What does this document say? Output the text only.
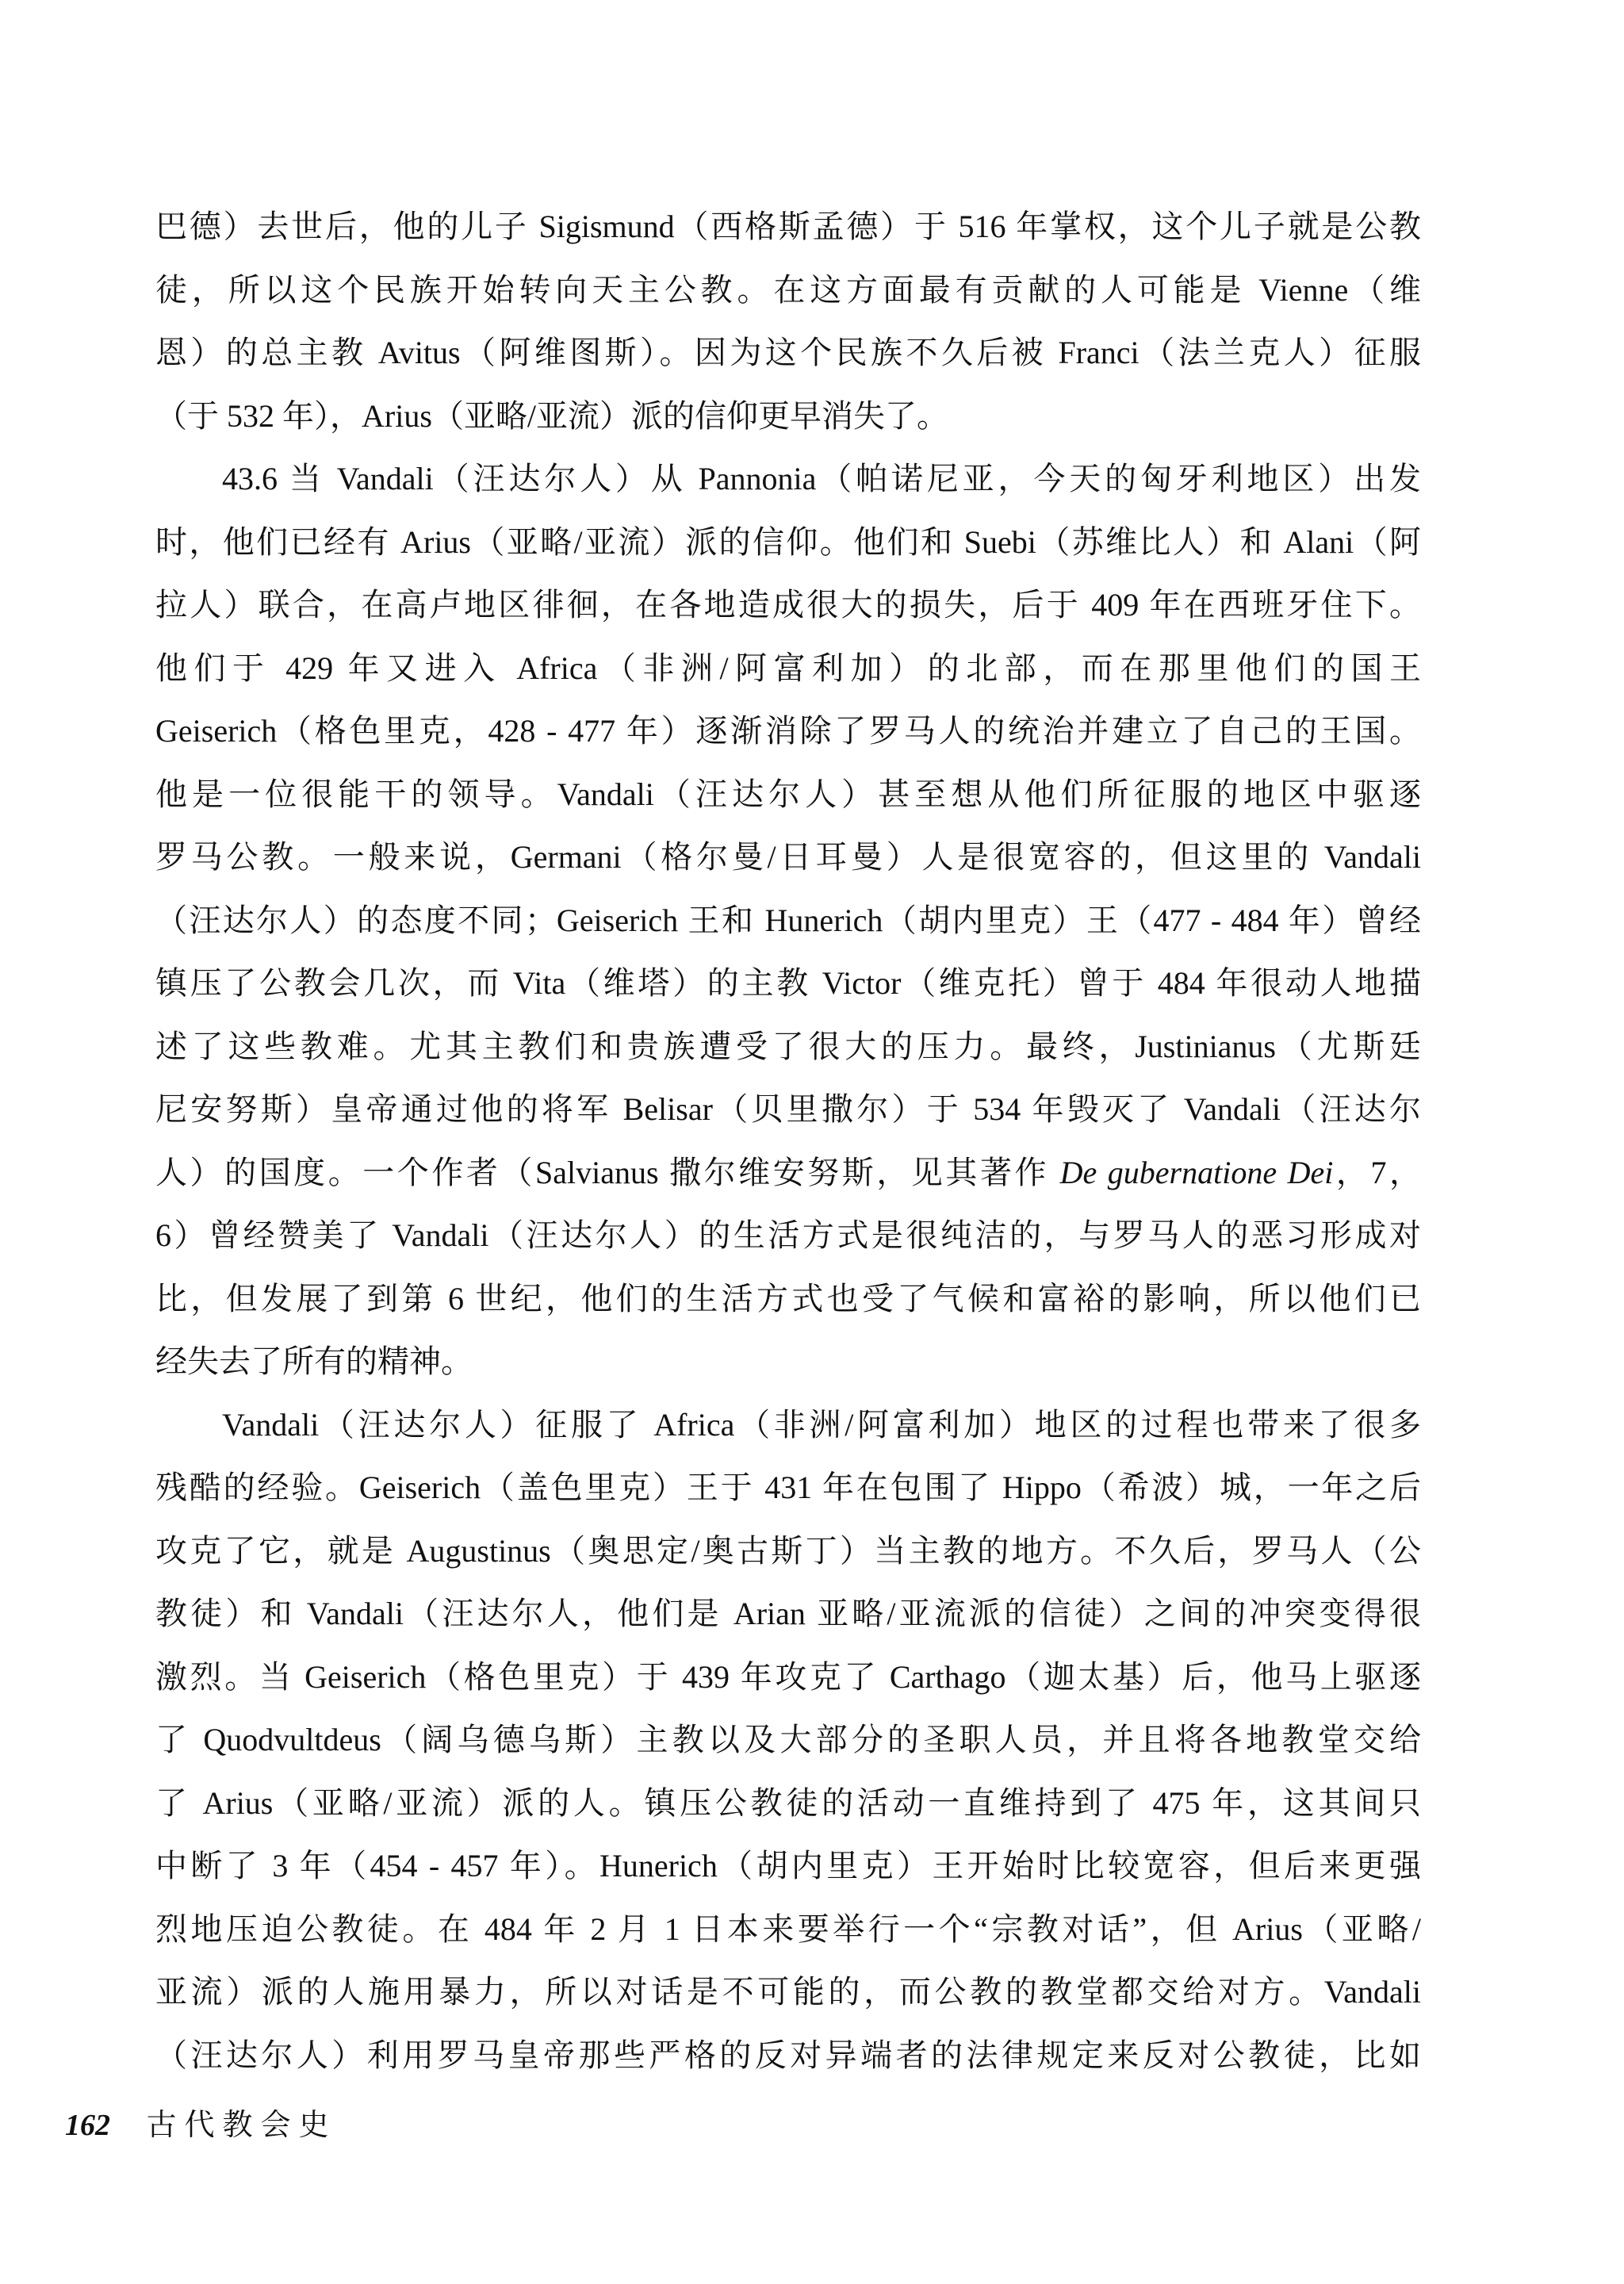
巴德）去世后，他的儿子 Sigismund（西格斯孟德）于 516 年掌权，这个儿子就是公教
徒，所以这个民族开始转向天主公教。在这方面最有贡献的人可能是 Vienne（维
恩）的总主教 Avitus（阿维图斯）。因为这个民族不久后被 Franci（法兰克人）征服
（于 532 年），Arius（亚略/亚流）派的信仰更早消失了。
43.6 当 Vandali（汪达尔人）从 Pannonia（帕诺尼亚，今天的匈牙利地区）出发
时，他们已经有 Arius（亚略/亚流）派的信仰。他们和 Suebi（苏维比人）和 Alani（阿
拉人）联合，在高卢地区徘徊，在各地造成很大的损失，后于 409 年在西班牙住下。
他们于 429 年又进入 Africa（非洲/阿富利加）的北部，而在那里他们的国王
Geiserich（格色里克，428 - 477 年）逐渐消除了罗马人的统治并建立了自己的王国。
他是一位很能干的领导。Vandali（汪达尔人）甚至想从他们所征服的地区中驱逐
罗马公教。一般来说，Germani（格尔曼/日耳曼）人是很宽容的，但这里的 Vandali
（汪达尔人）的态度不同；Geiserich 王和 Hunerich（胡内里克）王（477 - 484 年）曾经
镇压了公教会几次，而 Vita（维塔）的主教 Victor（维克托）曾于 484 年很动人地描
述了这些教难。尤其主教们和贵族遭受了很大的压力。最终，Justinianus（尤斯廷
尼安努斯）皇帝通过他的将军 Belisar（贝里撒尔）于 534 年毁灭了 Vandali（汪达尔
人）的国度。一个作者（Salvianus 撒尔维安努斯，见其著作 De gubernatione Dei，7，
6）曾经赞美了 Vandali（汪达尔人）的生活方式是很纯洁的，与罗马人的恶习形成对
比，但发展了到第 6 世纪，他们的生活方式也受了气候和富裕的影响，所以他们已
经失去了所有的精神。
Vandali（汪达尔人）征服了 Africa（非洲/阿富利加）地区的过程也带来了很多
残酷的经验。Geiserich（盖色里克）王于 431 年在包围了 Hippo（希波）城，一年之后
攻克了它，就是 Augustinus（奥思定/奥古斯丁）当主教的地方。不久后，罗马人（公
教徒）和 Vandali（汪达尔人，他们是 Arian 亚略/亚流派的信徒）之间的冲突变得很
激烈。当 Geiserich（格色里克）于 439 年攻克了 Carthago（迦太基）后，他马上驱逐
了 Quodvultdeus（阔乌德乌斯）主教以及大部分的圣职人员，并且将各地教堂交给
了 Arius（亚略/亚流）派的人。镇压公教徒的活动一直维持到了 475 年，这其间只
中断了 3 年（454 - 457 年）。Hunerich（胡内里克）王开始时比较宽容，但后来更强
烈地压迫公教徒。在 484 年 2 月 1 日本来要举行一个“宗教对话”，但 Arius（亚略/
亚流）派的人施用暴力，所以对话是不可能的，而公教的教堂都交给对方。Vandali
（汪达尔人）利用罗马皇帝那些严格的反对异端者的法律规定来反对公教徒，比如
162 古代教会史
